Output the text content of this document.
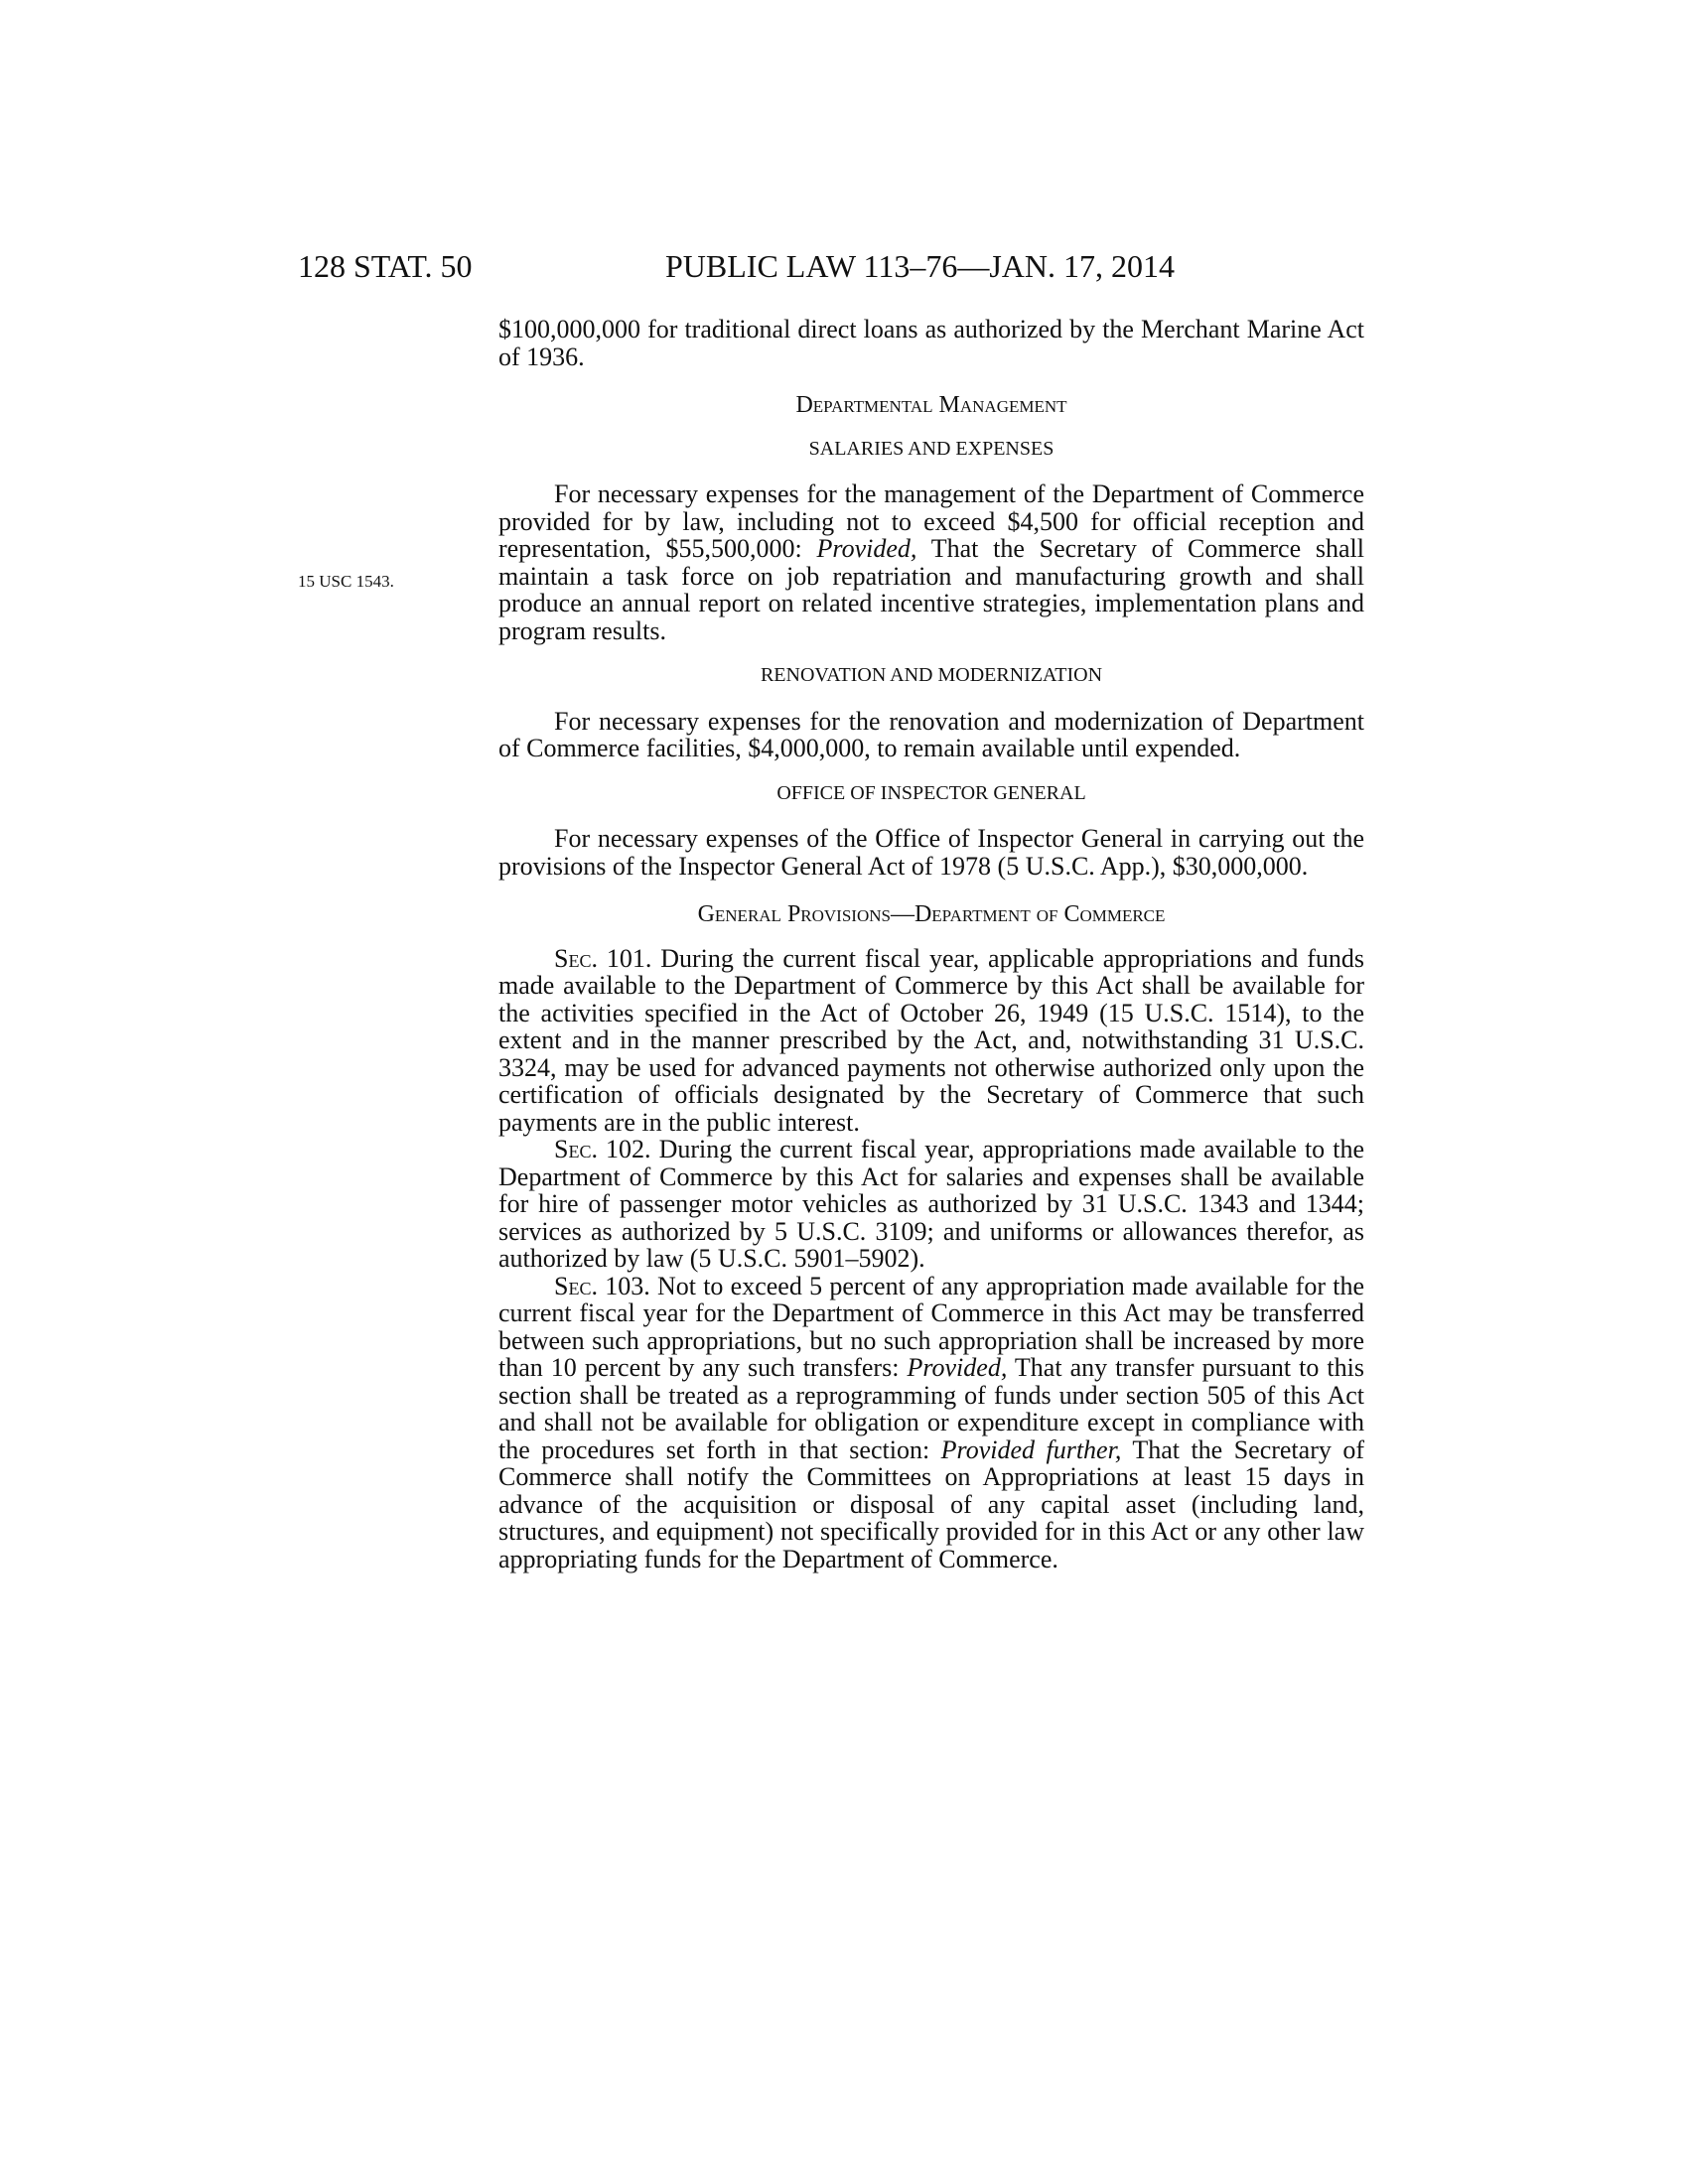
128 STAT. 50	PUBLIC LAW 113–76—JAN. 17, 2014
15 USC 1543.

$100,000,000 for traditional direct loans as authorized by the Merchant Marine Act of 1936.

Departmental Management

SALARIES AND EXPENSES

For necessary expenses for the management of the Department of Commerce provided for by law, including not to exceed $4,500 for official reception and representation, $55,500,000: Provided, That the Secretary of Commerce shall maintain a task force on job repatriation and manufacturing growth and shall produce an annual report on related incentive strategies, implementation plans and program results.

RENOVATION AND MODERNIZATION

For necessary expenses for the renovation and modernization of Department of Commerce facilities, $4,000,000, to remain available until expended.

OFFICE OF INSPECTOR GENERAL

For necessary expenses of the Office of Inspector General in carrying out the provisions of the Inspector General Act of 1978 (5 U.S.C. App.), $30,000,000.

General Provisions—Department of Commerce

Sec. 101. During the current fiscal year, applicable appropriations and funds made available to the Department of Commerce by this Act shall be available for the activities specified in the Act of October 26, 1949 (15 U.S.C. 1514), to the extent and in the manner prescribed by the Act, and, notwithstanding 31 U.S.C. 3324, may be used for advanced payments not otherwise authorized only upon the certification of officials designated by the Secretary of Commerce that such payments are in the public interest.

Sec. 102. During the current fiscal year, appropriations made available to the Department of Commerce by this Act for salaries and expenses shall be available for hire of passenger motor vehicles as authorized by 31 U.S.C. 1343 and 1344; services as authorized by 5 U.S.C. 3109; and uniforms or allowances therefor, as authorized by law (5 U.S.C. 5901–5902).

Sec. 103. Not to exceed 5 percent of any appropriation made available for the current fiscal year for the Department of Commerce in this Act may be transferred between such appropriations, but no such appropriation shall be increased by more than 10 percent by any such transfers: Provided, That any transfer pursuant to this section shall be treated as a reprogramming of funds under section 505 of this Act and shall not be available for obligation or expenditure except in compliance with the procedures set forth in that section: Provided further, That the Secretary of Commerce shall notify the Committees on Appropriations at least 15 days in advance of the acquisition or disposal of any capital asset (including land, structures, and equipment) not specifically provided for in this Act or any other law appropriating funds for the Department of Commerce.
